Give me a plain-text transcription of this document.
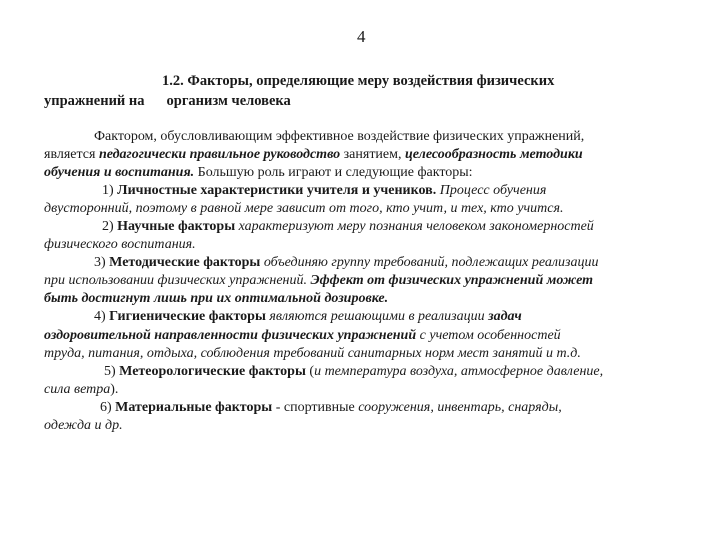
4
1.2. Факторы, определяющие меру воздействия физических
упражнений на организм человека
Фактором, обусловливающим эффективное воздействие физических упражнений,
является педагогически правильное руководство занятием, целесообразность методики
обучения и воспитания. Большую роль играют и следующие факторы:
1) Личностные характеристики учителя и учеников. Процесс обучения
двусторонний, поэтому в равной мере зависит от того, кто учит, и тех, кто учится.
2) Научные факторы характеризуют меру познания человеком закономерностей
физического воспитания.
3) Методические факторы объединяю группу требований, подлежащих реализации
при использовании физических упражнений. Эффект от физических упражнений может
быть достигнут лишь при их оптимальной дозировке.
4) Гигиенические факторы являются решающими в реализации задач
оздоровительной направленности физических упражнений с учетом особенностей
труда, питания, отдыха, соблюдения требований санитарных норм мест занятий и т.д.
5) Метеорологические факторы (и температура воздуха, атмосферное давление,
сила ветра).
6) Материальные факторы - спортивные сооружения, инвентарь, снаряды,
одежда и др.
